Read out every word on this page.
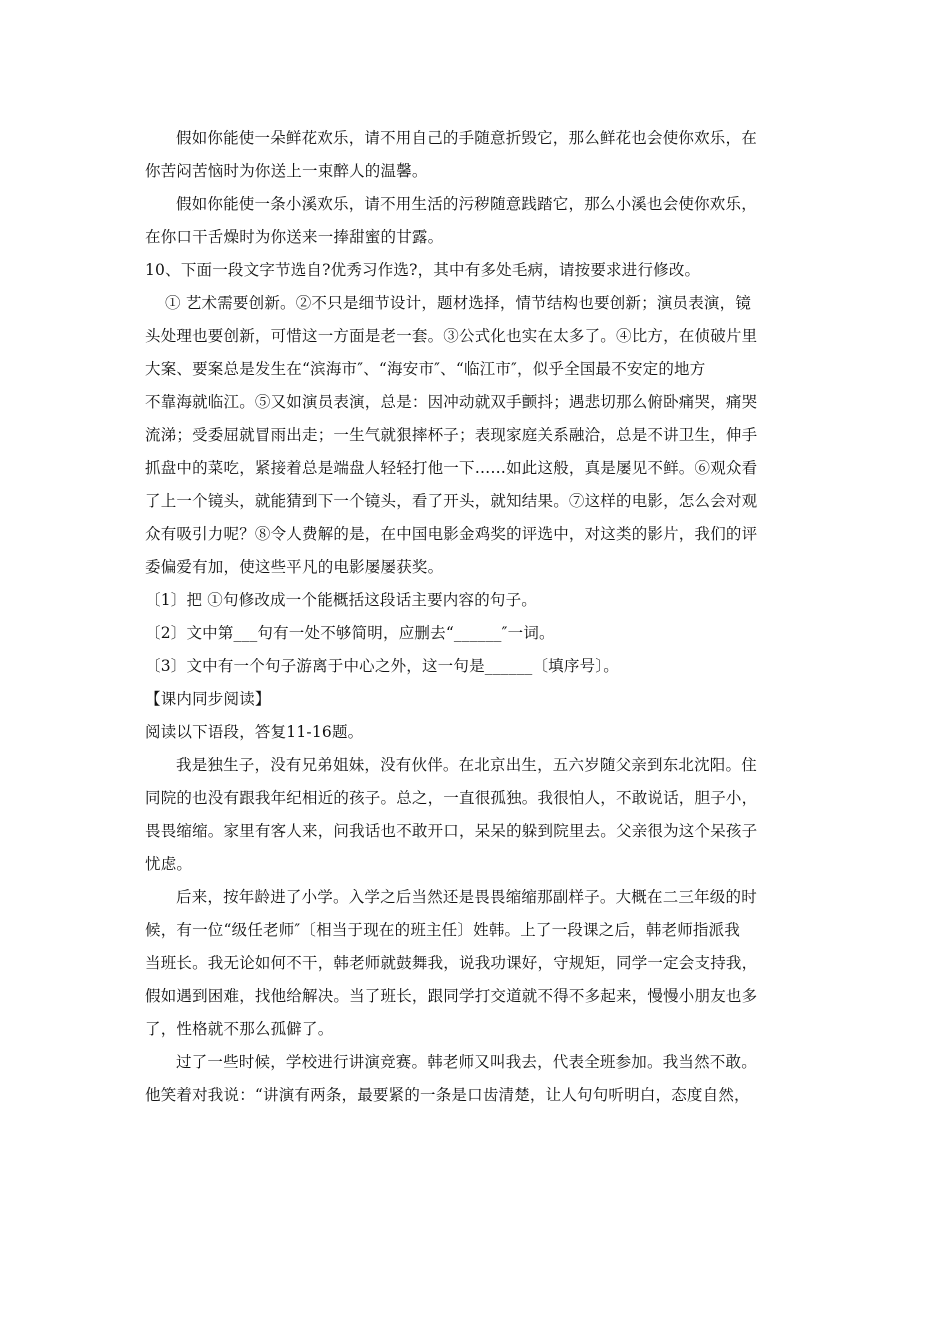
假如你能使一朵鲜花欢乐，请不用自己的手随意折毁它，那么鲜花也会使你欢乐，在
你苦闷苦恼时为你送上一束醉人的温馨。
假如你能使一条小溪欢乐，请不用生活的污秽随意践踏它，那么小溪也会使你欢乐，
在你口干舌燥时为你送来一捧甜蜜的甘露。
10、下面一段文字节选自?优秀习作选?，其中有多处毛病，请按要求进行修改。
① 艺术需要创新。②不只是细节设计，题材选择，情节结构也要创新；演员表演，镜
头处理也要创新，可惜这一方面是老一套。③公式化也实在太多了。④比方，在侦破片里
大案、要案总是发生在“滨海市″、“海安市″、“临江市″，似乎全国最不安定的地方
不靠海就临江。⑤又如演员表演，总是：因冲动就双手颤抖；遇悲切那么俯卧痛哭，痛哭
流涕；受委屈就冒雨出走；一生气就狠摔杯子；表现家庭关系融洽，总是不讲卫生，伸手
抓盘中的菜吃，紧接着总是端盘人轻轻打他一下……如此这般，真是屡见不鲜。⑥观众看
了上一个镜头，就能猜到下一个镜头，看了开头，就知结果。⑦这样的电影，怎么会对观
众有吸引力呢？⑧令人费解的是，在中国电影金鸡奖的评选中，对这类的影片，我们的评
委偏爱有加，使这些平凡的电影屡屡获奖。
〔1〕把 ①句修改成一个能概括这段话主要内容的句子。
〔2〕文中第___句有一处不够简明，应删去“______″一词。
〔3〕文中有一个句子游离于中心之外，这一句是______〔填序号〕。
【课内同步阅读】
阅读以下语段，答复11-16题。
我是独生子，没有兄弟姐妹，没有伙伴。在北京出生，五六岁随父亲到东北沈阳。住
同院的也没有跟我年纪相近的孩子。总之，一直很孤独。我很怕人，不敢说话，胆子小，
畏畏缩缩。家里有客人来，问我话也不敢开口，呆呆的躲到院里去。父亲很为这个呆孩子
忧虑。
后来，按年龄进了小学。入学之后当然还是畏畏缩缩那副样子。大概在二三年级的时
候，有一位“级任老师″〔相当于现在的班主任〕姓韩。上了一段课之后，韩老师指派我
当班长。我无论如何不干，韩老师就鼓舞我，说我功课好，守规矩，同学一定会支持我，
假如遇到困难，找他给解决。当了班长，跟同学打交道就不得不多起来，慢慢小朋友也多
了，性格就不那么孤僻了。
过了一些时候，学校进行讲演竞赛。韩老师又叫我去，代表全班参加。我当然不敢。
他笑着对我说：“讲演有两条，最要紧的一条是口齿清楚，让人句句听明白，态度自然，
